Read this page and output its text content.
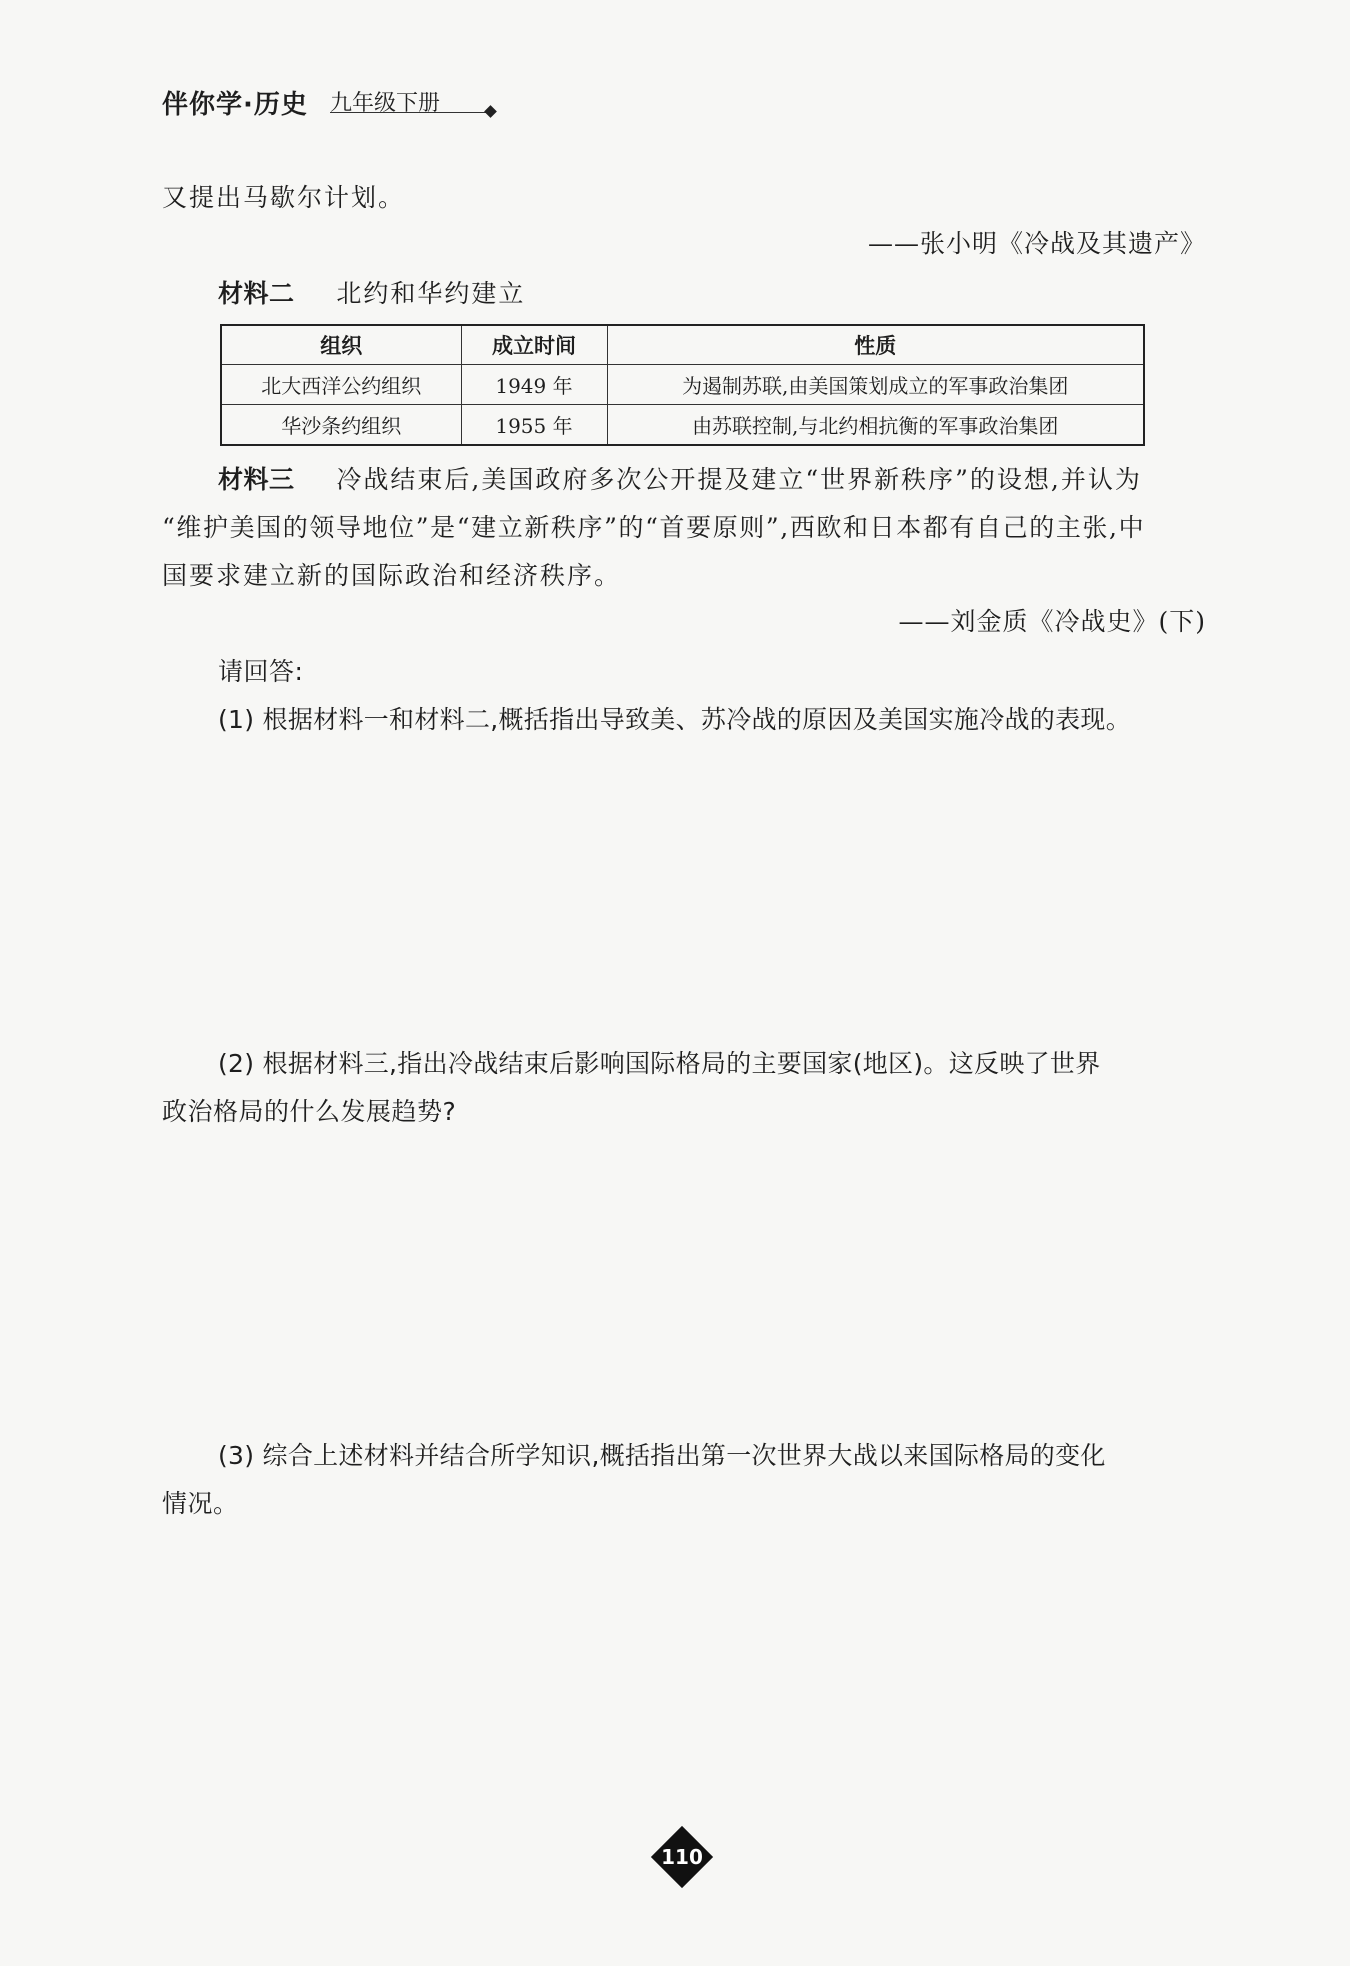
伴你学·历史 九年级下册
又提出马歇尔计划。
——张小明《冷战及其遗产》
材料二 北约和华约建立
组织	成立时间	性质
北大西洋公约组织	1949 年	为遏制苏联,由美国策划成立的军事政治集团
华沙条约组织	1955 年	由苏联控制,与北约相抗衡的军事政治集团
材料三 冷战结束后,美国政府多次公开提及建立“世界新秩序”的设想,并认为
“维护美国的领导地位”是“建立新秩序”的“首要原则”,西欧和日本都有自己的主张,中
国要求建立新的国际政治和经济秩序。
——刘金质《冷战史》(下)
请回答:
(1) 根据材料一和材料二,概括指出导致美、苏冷战的原因及美国实施冷战的表现。
(2) 根据材料三,指出冷战结束后影响国际格局的主要国家(地区)。这反映了世界
政治格局的什么发展趋势?
(3) 综合上述材料并结合所学知识,概括指出第一次世界大战以来国际格局的变化
情况。
110
